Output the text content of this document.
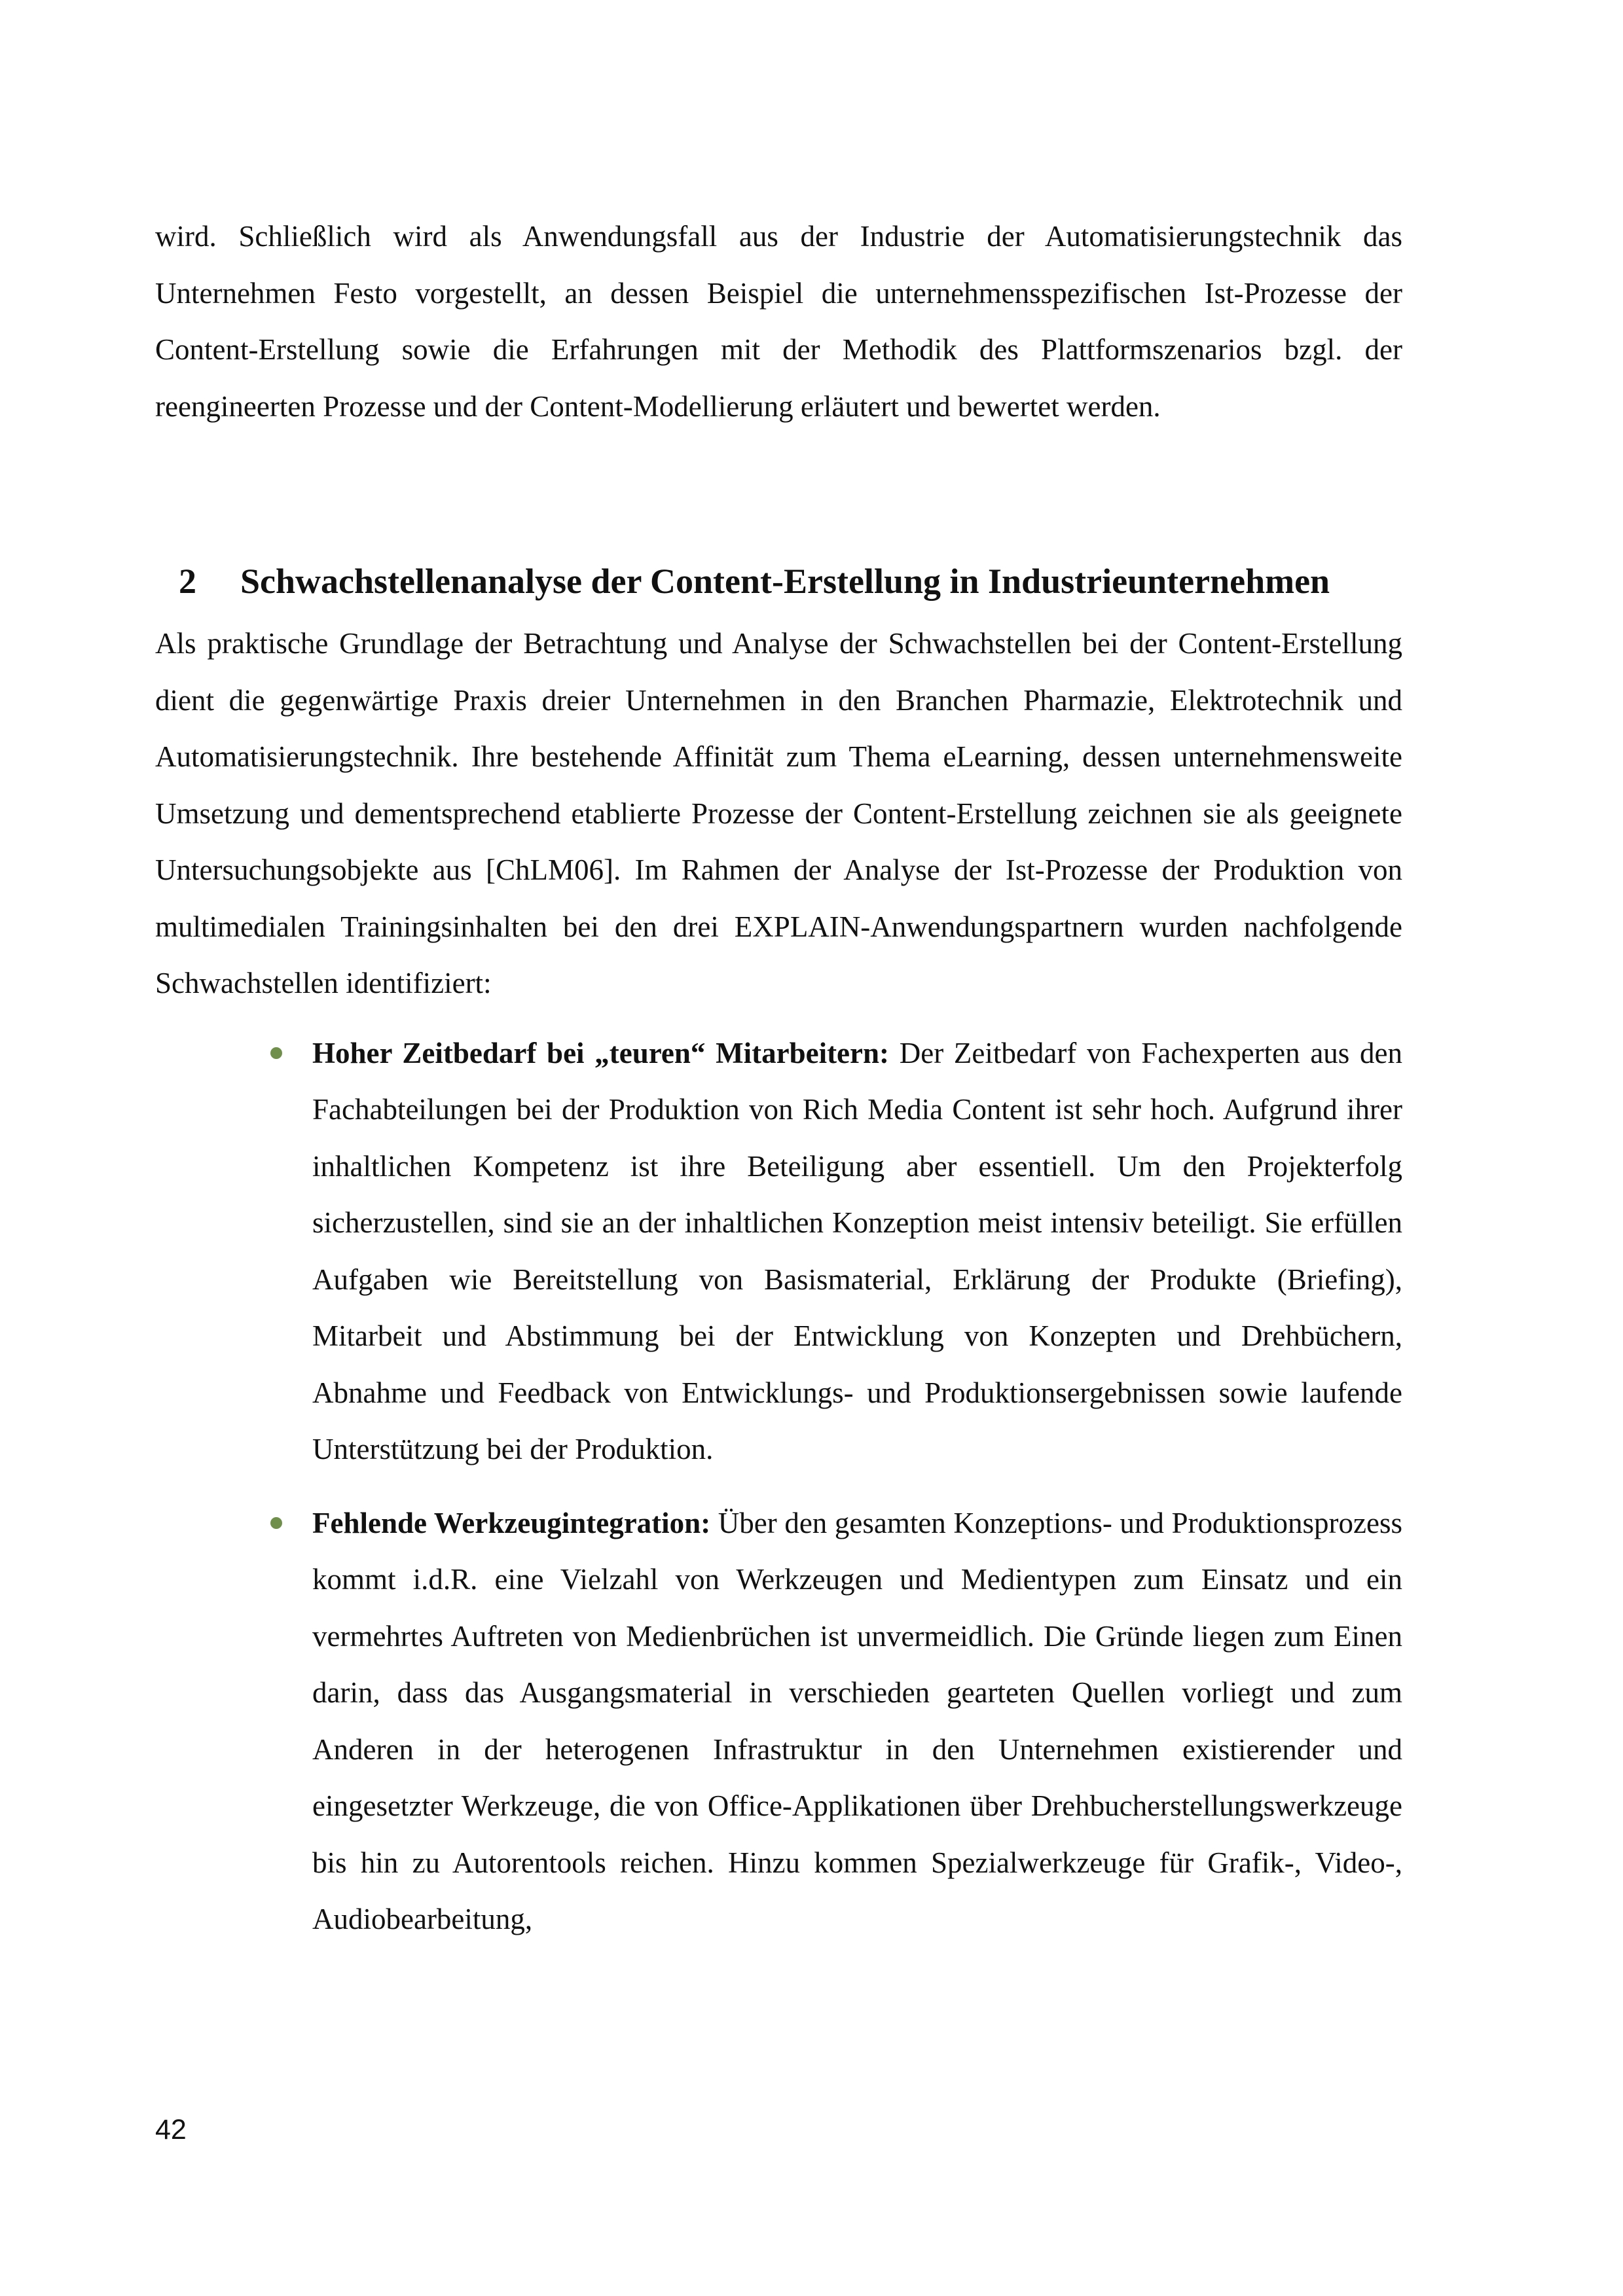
wird. Schließlich wird als Anwendungsfall aus der Industrie der Automatisierungstechnik das Unternehmen Festo vorgestellt, an dessen Beispiel die unternehmensspezifischen Ist-Prozesse der Content-Erstellung sowie die Erfahrungen mit der Methodik des Plattformszenarios bzgl. der reengineerten Prozesse und der Content-Modellierung erläutert und bewertet werden.

2 Schwachstellenanalyse der Content-Erstellung in Industrieunternehmen

Als praktische Grundlage der Betrachtung und Analyse der Schwachstellen bei der Content-Erstellung dient die gegenwärtige Praxis dreier Unternehmen in den Branchen Pharmazie, Elektrotechnik und Automatisierungstechnik. Ihre bestehende Affinität zum Thema eLearning, dessen unternehmensweite Umsetzung und dementsprechend etablierte Prozesse der Content-Erstellung zeichnen sie als geeignete Untersuchungsobjekte aus [ChLM06]. Im Rahmen der Analyse der Ist-Prozesse der Produktion von multimedialen Trainingsinhalten bei den drei EXPLAIN-Anwendungspartnern wurden nachfolgende Schwachstellen identifiziert:

Hoher Zeitbedarf bei „teuren“ Mitarbeitern: Der Zeitbedarf von Fachexperten aus den Fachabteilungen bei der Produktion von Rich Media Content ist sehr hoch. Aufgrund ihrer inhaltlichen Kompetenz ist ihre Beteiligung aber essentiell. Um den Projekterfolg sicherzustellen, sind sie an der inhaltlichen Konzeption meist intensiv beteiligt. Sie erfüllen Aufgaben wie Bereitstellung von Basismaterial, Erklärung der Produkte (Briefing), Mitarbeit und Abstimmung bei der Entwicklung von Konzepten und Drehbüchern, Abnahme und Feedback von Entwicklungs- und Produktionsergebnissen sowie laufende Unterstützung bei der Produktion.
Fehlende Werkzeugintegration: Über den gesamten Konzeptions- und Produktionsprozess kommt i.d.R. eine Vielzahl von Werkzeugen und Medientypen zum Einsatz und ein vermehrtes Auftreten von Medienbrüchen ist unvermeidlich. Die Gründe liegen zum Einen darin, dass das Ausgangsmaterial in verschieden gearteten Quellen vorliegt und zum Anderen in der heterogenen Infrastruktur in den Unternehmen existierender und eingesetzter Werkzeuge, die von Office-Applikationen über Drehbucherstellungswerkzeuge bis hin zu Autorentools reichen. Hinzu kommen Spezialwerkzeuge für Grafik-, Video-, Audiobearbeitung,
42
